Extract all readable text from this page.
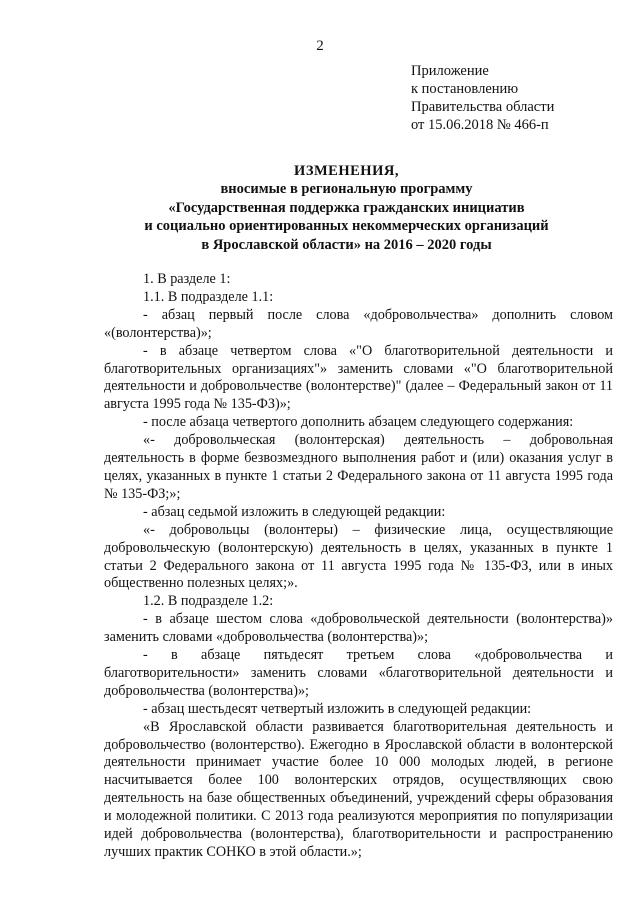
2
Приложение
к постановлению
Правительства области
от 15.06.2018 № 466-п
ИЗМЕНЕНИЯ,
вносимые в региональную программу
«Государственная поддержка гражданских инициатив
и социально ориентированных некоммерческих организаций
в Ярославской области» на 2016 – 2020 годы

1. В разделе 1:

1.1. В подразделе 1.1:

- абзац первый после слова «добровольчества» дополнить словом «(волонтерства)»;

- в абзаце четвертом слова «"О благотворительной деятельности и благотворительных организациях"» заменить словами «"О благотворительной деятельности и добровольчестве (волонтерстве)" (далее – Федеральный закон от 11 августа 1995 года № 135-ФЗ)»;

- после абзаца четвертого дополнить абзацем следующего содержания:

«- добровольческая (волонтерская) деятельность – добровольная деятельность в форме безвозмездного выполнения работ и (или) оказания услуг в целях, указанных в пункте 1 статьи 2 Федерального закона от 11 августа 1995 года № 135-ФЗ;»;

- абзац седьмой изложить в следующей редакции:

«- добровольцы (волонтеры) – физические лица, осуществляющие добровольческую (волонтерскую) деятельность в целях, указанных в пункте 1 статьи 2 Федерального закона от 11 августа 1995 года № 135-ФЗ, или в иных общественно полезных целях;».

1.2. В подразделе 1.2:

- в абзаце шестом слова «добровольческой деятельности (волонтерства)» заменить словами «добровольчества (волонтерства)»;

- в абзаце пятьдесят третьем слова «добровольчества и благотворительности» заменить словами «благотворительной деятельности и добровольчества (волонтерства)»;

- абзац шестьдесят четвертый изложить в следующей редакции:

«В Ярославской области развивается благотворительная деятельность и добровольчество (волонтерство). Ежегодно в Ярославской области в волонтерской деятельности принимает участие более 10 000 молодых людей, в регионе насчитывается более 100 волонтерских отрядов, осуществляющих свою деятельность на базе общественных объединений, учреждений сферы образования и молодежной политики. С 2013 года реализуются мероприятия по популяризации идей добровольчества (волонтерства), благотворительности и распространению лучших практик СОНКО в этой области.»;
